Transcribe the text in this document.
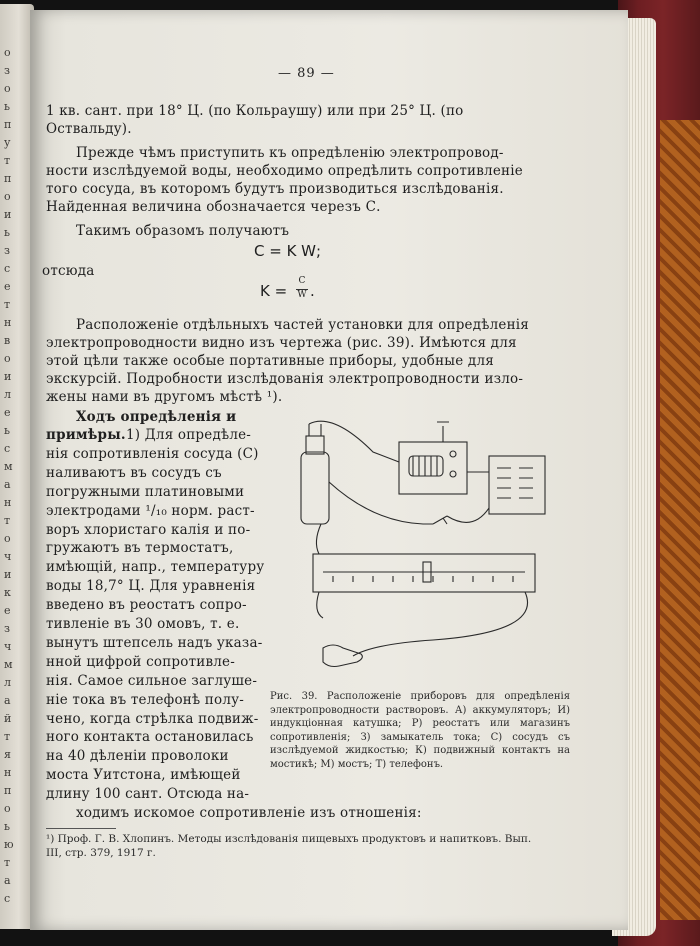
о
з
о
ь
п
у
т
п
о
и
ь
з
с
е
т
н
в
о
и
л
е
ь
с
м
а
н
т
о
ч
и
к
е
з
ч
м
л
а
й
т
я
н
п
о
ь
ю
т
а
с
— 89 —
1 кв. сант. при 18° Ц. (по Кольраушу) или при 25° Ц. (по
Оствальду).
Прежде чѣмъ приступить къ опредѣленію электропровод-
ности изслѣдуемой воды, необходимо опредѣлить сопротивленіе
того сосуда, въ которомъ будутъ производиться изслѣдованія.
Найденная величина обозначается черезъ С.
Такимъ образомъ получаютъ
отсюда
Расположеніе отдѣльныхъ частей установки для опредѣленія
электропроводности видно изъ чертежа (рис. 39). Имѣются для
этой цѣли также особые портативные приборы, удобные для
экскурсій. Подробности изслѣдованія электропроводности изло-
жены нами въ другомъ мѣстѣ ¹).
C = K W;
K =
C
W .
Ходъ опредѣленія и
примѣры. 1) Для опредѣле-
нія сопротивленія сосуда (С)
наливаютъ въ сосудъ съ
погружными платиновыми
электродами ¹/₁₀ норм. раст-
воръ хлористаго калія и по-
гружаютъ въ термостатъ,
имѣющій, напр., температуру
воды 18,7° Ц. Для уравненія
введено въ реостатъ сопро-
тивленіе въ 30 омовъ, т. е.
вынутъ штепсель надъ указа-
нной цифрой сопротивле-
нія. Самое сильное заглуше-
ніе тока въ телефонѣ полу-
чено, когда стрѣлка подвиж-
ного контакта остановилась
на 40 дѣленіи проволоки
моста Уитстона, имѣющей
длину 100 сант. Отсюда на-
ходимъ искомое сопротивленіе изъ отношенія:
Рис. 39. Расположеніе приборовъ для опредѣленія электропроводности растворовъ. А) аккумуляторъ; И) индукціонная катушка; Р) реостатъ или магазинъ сопротивленія; З) замыкатель тока; С) сосудъ съ изслѣдуемой жидкостью; К) подвижный контактъ на мостикѣ; М) мостъ; Т) телефонъ.
¹) Проф. Г. В. Хлопинъ. Методы изслѣдованія пищевыхъ продуктовъ и напитковъ. Вып. III, стр. 379, 1917 г.
